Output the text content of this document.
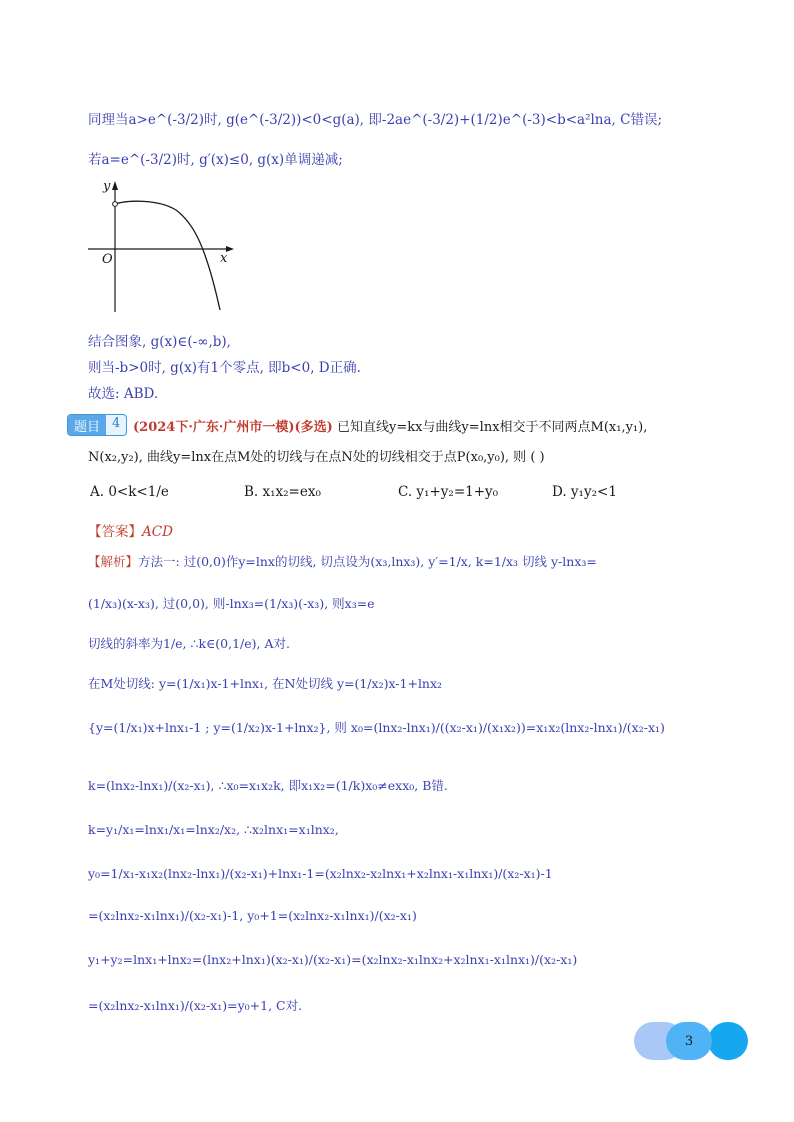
同理当a>e^(-3/2)时, g(e^(-3/2))<0<g(a), 即-2ae^(-3/2)+(1/2)e^(-3)<b<a²lna, C错误;
若a=e^(-3/2)时, g′(x)≤0, g(x)单调递减;
y
x
O
结合图象, g(x)∈(-∞,b),
则当-b>0时, g(x)有1个零点, 即b<0, D正确.
故选: ABD.
题目 4 (2024下·广东·广州市一模)(多选) 已知直线y=kx与曲线y=lnx相交于不同两点M(x₁,y₁),
N(x₂,y₂), 曲线y=lnx在点M处的切线与在点N处的切线相交于点P(x₀,y₀), 则 ( )
A. 0<k<1/e	B. x₁x₂=ex₀	C. y₁+y₂=1+y₀	D. y₁y₂<1
【答案】ACD
【解析】方法一: 过(0,0)作y=lnx的切线, 切点设为(x₃,lnx₃), y′=1/x, k=1/x₃ 切线 y-lnx₃=
(1/x₃)(x-x₃), 过(0,0), 则-lnx₃=(1/x₃)(-x₃), 则x₃=e
切线的斜率为1/e, ∴k∈(0,1/e), A对.
在M处切线: y=(1/x₁)x-1+lnx₁, 在N处切线 y=(1/x₂)x-1+lnx₂
{y=(1/x₁)x+lnx₁-1 ; y=(1/x₂)x-1+lnx₂}, 则 x₀=(lnx₂-lnx₁)/((x₂-x₁)/(x₁x₂))=x₁x₂(lnx₂-lnx₁)/(x₂-x₁)
k=(lnx₂-lnx₁)/(x₂-x₁), ∴x₀=x₁x₂k, 即x₁x₂=(1/k)x₀≠exx₀, B错.
k=y₁/x₁=lnx₁/x₁=lnx₂/x₂, ∴x₂lnx₁=x₁lnx₂,
y₀=1/x₁-x₁x₂(lnx₂-lnx₁)/(x₂-x₁)+lnx₁-1=(x₂lnx₂-x₂lnx₁+x₂lnx₁-x₁lnx₁)/(x₂-x₁)-1
=(x₂lnx₂-x₁lnx₁)/(x₂-x₁)-1, y₀+1=(x₂lnx₂-x₁lnx₁)/(x₂-x₁)
y₁+y₂=lnx₁+lnx₂=(lnx₂+lnx₁)(x₂-x₁)/(x₂-x₁)=(x₂lnx₂-x₁lnx₂+x₂lnx₁-x₁lnx₁)/(x₂-x₁)
=(x₂lnx₂-x₁lnx₁)/(x₂-x₁)=y₀+1, C对.
3
